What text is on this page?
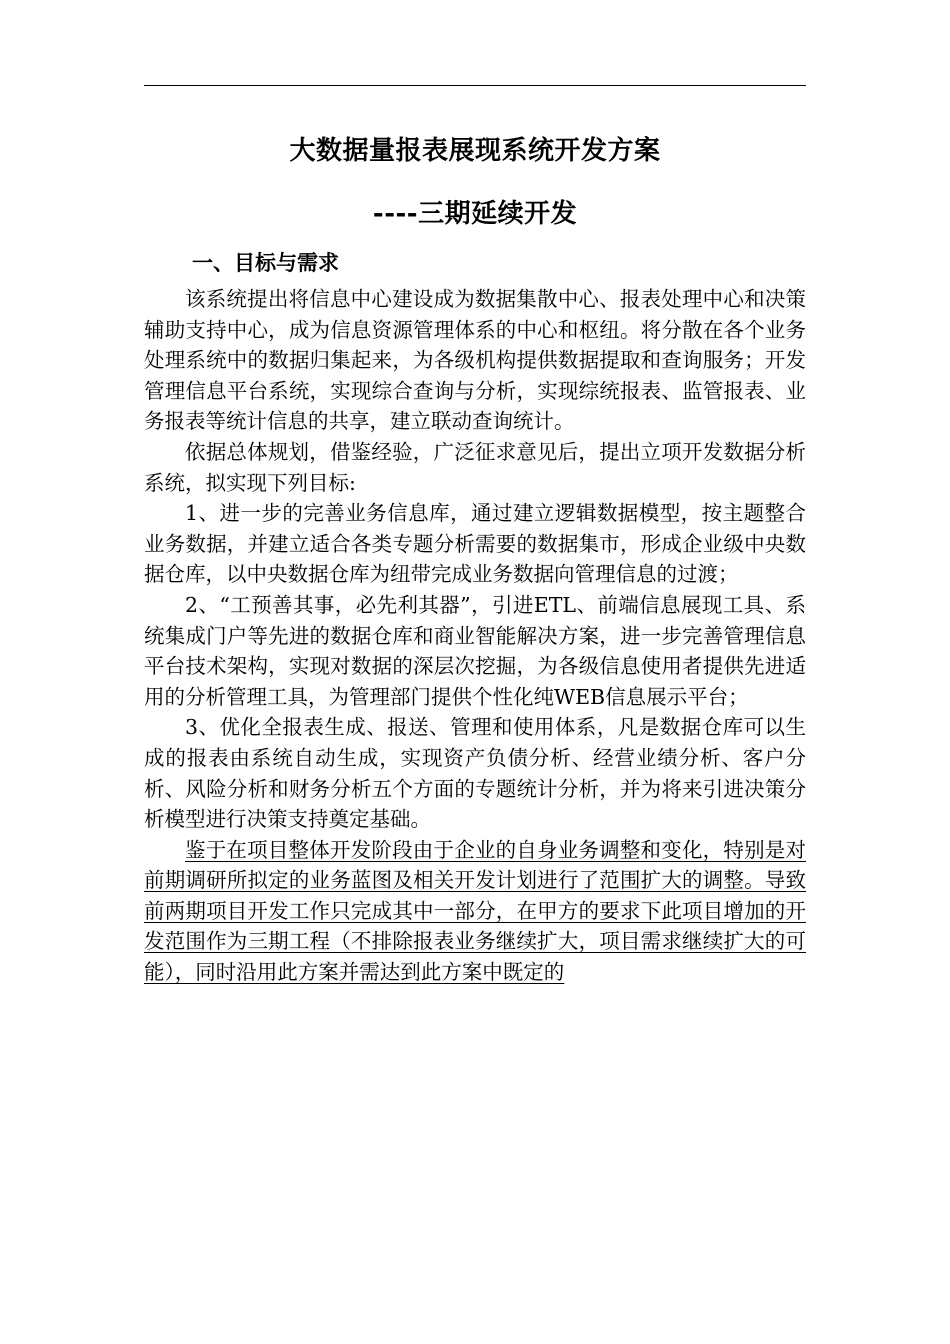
大数据量报表展现系统开发方案
----三期延续开发
一、目标与需求

该系统提出将信息中心建设成为数据集散中心、报表处理中心和决策辅助支持中心，成为信息资源管理体系的中心和枢纽。将分散在各个业务处理系统中的数据归集起来，为各级机构提供数据提取和查询服务；开发管理信息平台系统，实现综合查询与分析，实现综统报表、监管报表、业务报表等统计信息的共享，建立联动查询统计。

依据总体规划，借鉴经验，广泛征求意见后，提出立项开发数据分析系统，拟实现下列目标:

1、进一步的完善业务信息库，通过建立逻辑数据模型，按主题整合业务数据，并建立适合各类专题分析需要的数据集市，形成企业级中央数据仓库，以中央数据仓库为纽带完成业务数据向管理信息的过渡；

2、“工预善其事，必先利其器”，引进ETL、前端信息展现工具、系统集成门户等先进的数据仓库和商业智能解决方案，进一步完善管理信息平台技术架构，实现对数据的深层次挖掘，为各级信息使用者提供先进适用的分析管理工具，为管理部门提供个性化纯WEB信息展示平台；

3、优化全报表生成、报送、管理和使用体系，凡是数据仓库可以生成的报表由系统自动生成，实现资产负债分析、经营业绩分析、客户分析、风险分析和财务分析五个方面的专题统计分析，并为将来引进决策分析模型进行决策支持奠定基础。

鉴于在项目整体开发阶段由于企业的自身业务调整和变化，特别是对前期调研所拟定的业务蓝图及相关开发计划进行了范围扩大的调整。导致前两期项目开发工作只完成其中一部分，在甲方的要求下此项目增加的开发范围作为三期工程（不排除报表业务继续扩大，项目需求继续扩大的可能），同时沿用此方案并需达到此方案中既定的
